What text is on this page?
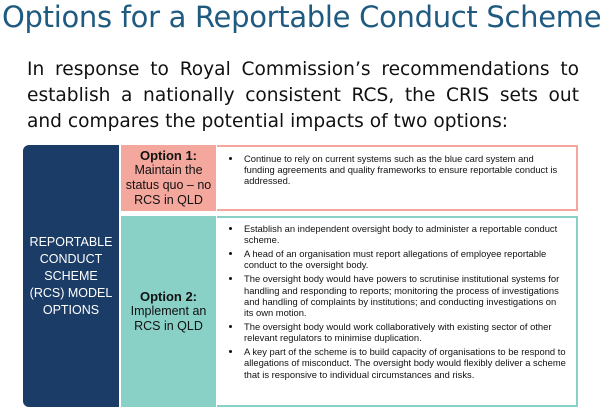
Options for a Reportable Conduct Scheme
In response to Royal Commission’s recommendations to establish a nationally consistent RCS, the CRIS sets out and compares the potential impacts of two options:
REPORTABLE CONDUCT SCHEME (RCS) MODEL OPTIONS
Option 1:
Maintain the status quo – no RCS in QLD
• Continue to rely on current systems such as the blue card system and funding agreements and quality frameworks to ensure reportable conduct is addressed.
Option 2:
Implement an RCS in QLD
• Establish an independent oversight body to administer a reportable conduct scheme.
• A head of an organisation must report allegations of employee reportable conduct to the oversight body.
• The oversight body would have powers to scrutinise institutional systems for handling and responding to reports; monitoring the process of investigations and handling of complaints by institutions; and conducting investigations on its own motion.
• The oversight body would work collaboratively with existing sector of other relevant regulators to minimise duplication.
• A key part of the scheme is to build capacity of organisations to be respond to allegations of misconduct. The oversight body would flexibly deliver a scheme that is responsive to individual circumstances and risks.
